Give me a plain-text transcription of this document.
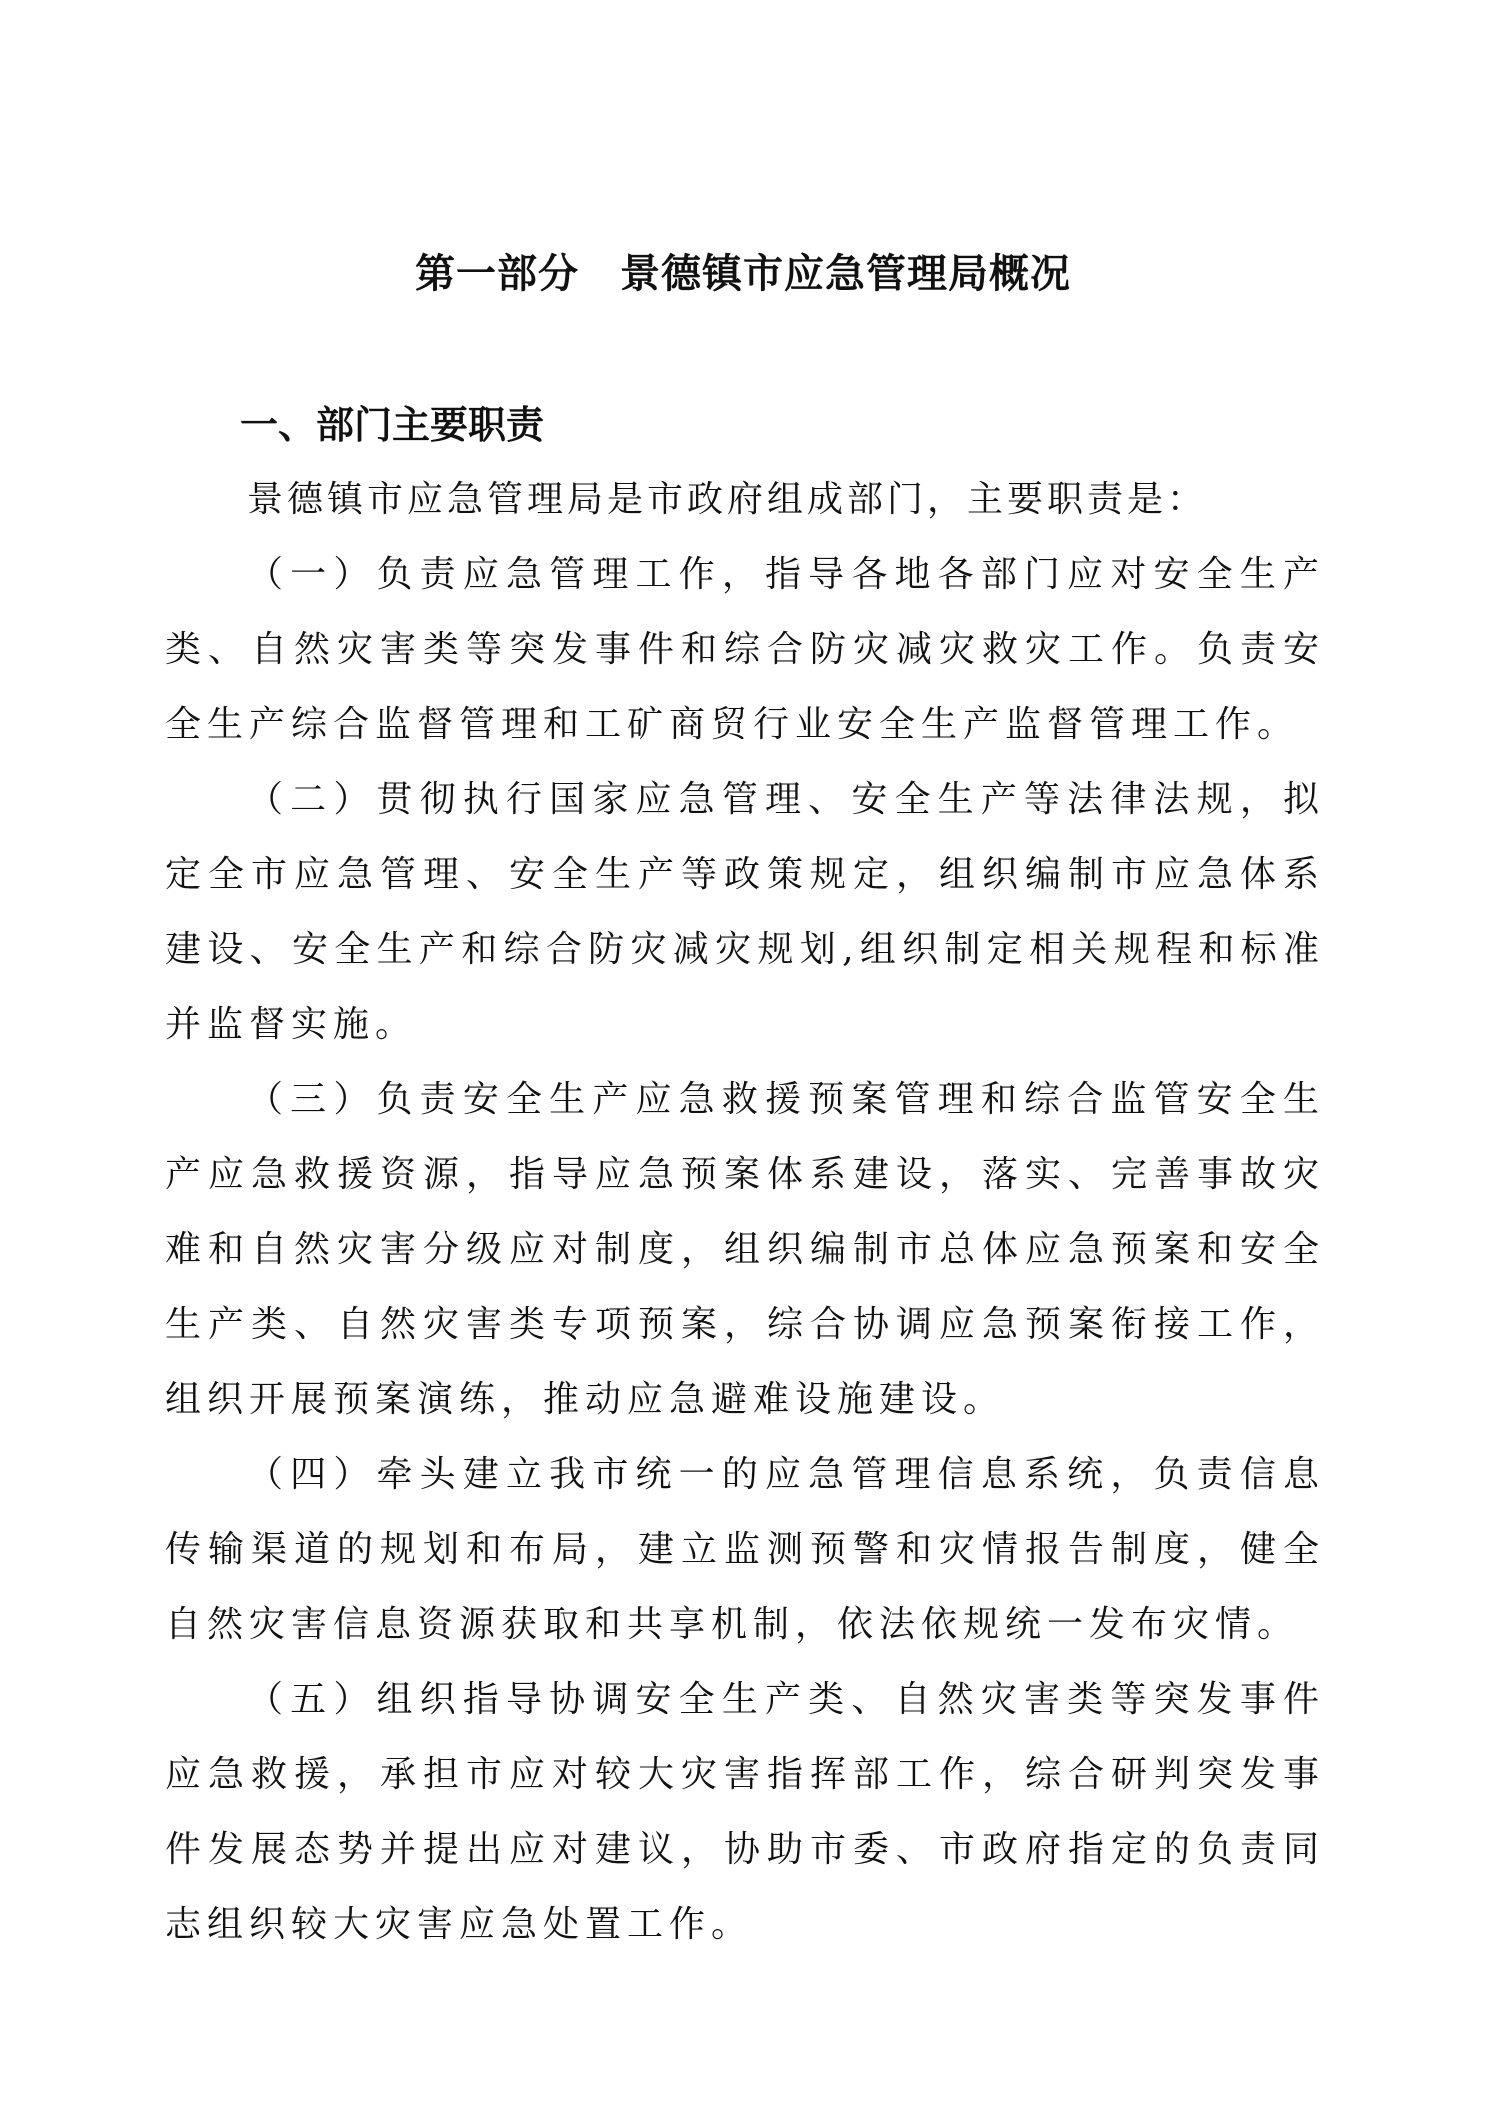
第一部分　景德镇市应急管理局概况
一、部门主要职责

景德镇市应急管理局是市政府组成部门，主要职责是：

（一）负责应急管理工作，指导各地各部门应对安全生产类、自然灾害类等突发事件和综合防灾减灾救灾工作。负责安全生产综合监督管理和工矿商贸行业安全生产监督管理工作。

（二）贯彻执行国家应急管理、安全生产等法律法规，拟定全市应急管理、安全生产等政策规定，组织编制市应急体系建设、安全生产和综合防灾减灾规划,组织制定相关规程和标准并监督实施。

（三）负责安全生产应急救援预案管理和综合监管安全生产应急救援资源，指导应急预案体系建设，落实、完善事故灾难和自然灾害分级应对制度，组织编制市总体应急预案和安全生产类、自然灾害类专项预案，综合协调应急预案衔接工作，组织开展预案演练，推动应急避难设施建设。

（四）牵头建立我市统一的应急管理信息系统，负责信息传输渠道的规划和布局，建立监测预警和灾情报告制度，健全自然灾害信息资源获取和共享机制，依法依规统一发布灾情。

（五）组织指导协调安全生产类、自然灾害类等突发事件应急救援，承担市应对较大灾害指挥部工作，综合研判突发事件发展态势并提出应对建议，协助市委、市政府指定的负责同志组织较大灾害应急处置工作。
